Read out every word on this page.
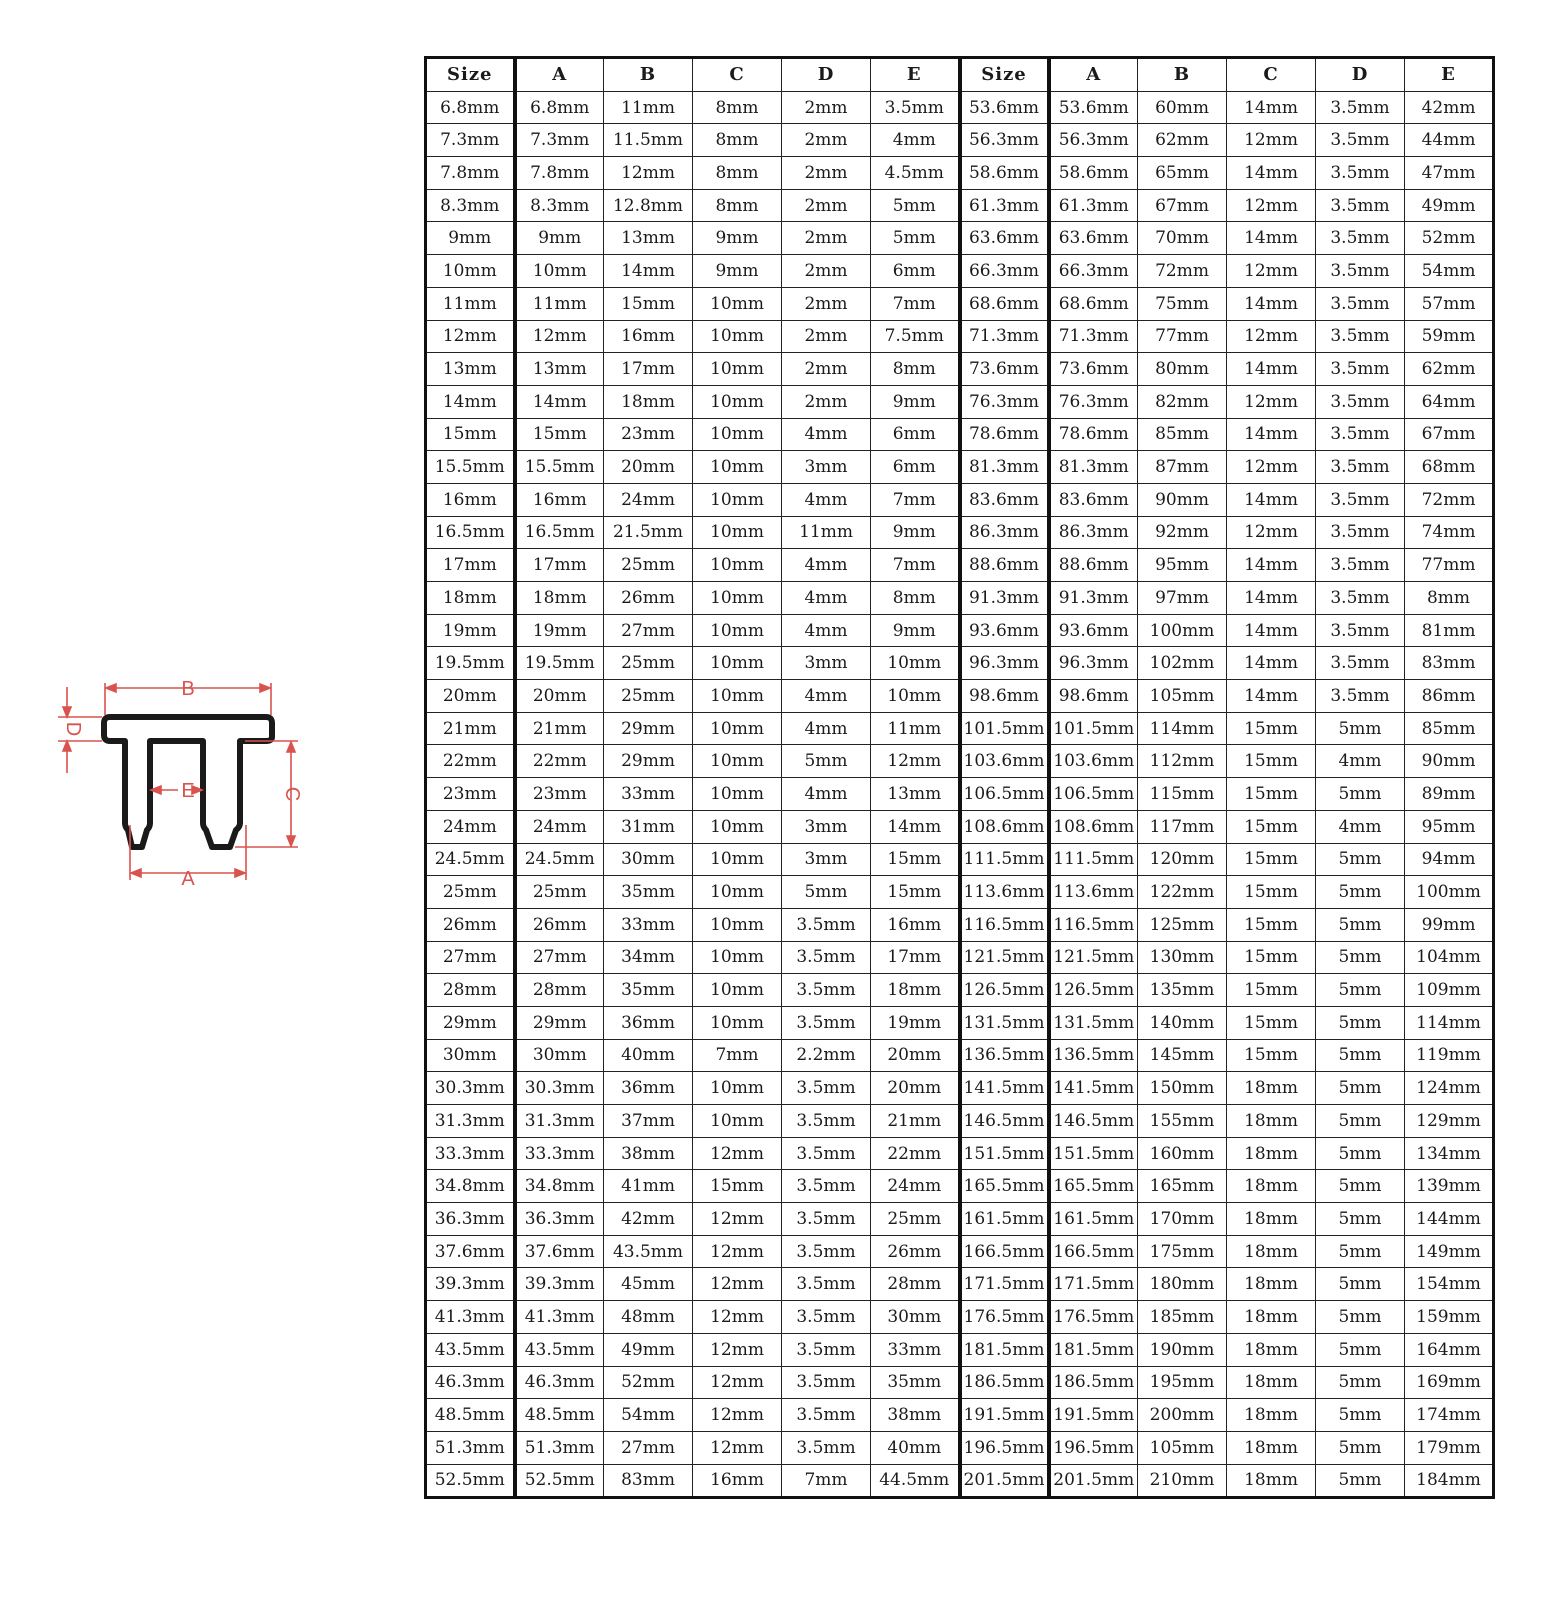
B
D
C
E
A
Size	A	B	C	D	E	Size	A	B	C	D	E
6.8mm	6.8mm	11mm	8mm	2mm	3.5mm	53.6mm	53.6mm	60mm	14mm	3.5mm	42mm
7.3mm	7.3mm	11.5mm	8mm	2mm	4mm	56.3mm	56.3mm	62mm	12mm	3.5mm	44mm
7.8mm	7.8mm	12mm	8mm	2mm	4.5mm	58.6mm	58.6mm	65mm	14mm	3.5mm	47mm
8.3mm	8.3mm	12.8mm	8mm	2mm	5mm	61.3mm	61.3mm	67mm	12mm	3.5mm	49mm
9mm	9mm	13mm	9mm	2mm	5mm	63.6mm	63.6mm	70mm	14mm	3.5mm	52mm
10mm	10mm	14mm	9mm	2mm	6mm	66.3mm	66.3mm	72mm	12mm	3.5mm	54mm
11mm	11mm	15mm	10mm	2mm	7mm	68.6mm	68.6mm	75mm	14mm	3.5mm	57mm
12mm	12mm	16mm	10mm	2mm	7.5mm	71.3mm	71.3mm	77mm	12mm	3.5mm	59mm
13mm	13mm	17mm	10mm	2mm	8mm	73.6mm	73.6mm	80mm	14mm	3.5mm	62mm
14mm	14mm	18mm	10mm	2mm	9mm	76.3mm	76.3mm	82mm	12mm	3.5mm	64mm
15mm	15mm	23mm	10mm	4mm	6mm	78.6mm	78.6mm	85mm	14mm	3.5mm	67mm
15.5mm	15.5mm	20mm	10mm	3mm	6mm	81.3mm	81.3mm	87mm	12mm	3.5mm	68mm
16mm	16mm	24mm	10mm	4mm	7mm	83.6mm	83.6mm	90mm	14mm	3.5mm	72mm
16.5mm	16.5mm	21.5mm	10mm	11mm	9mm	86.3mm	86.3mm	92mm	12mm	3.5mm	74mm
17mm	17mm	25mm	10mm	4mm	7mm	88.6mm	88.6mm	95mm	14mm	3.5mm	77mm
18mm	18mm	26mm	10mm	4mm	8mm	91.3mm	91.3mm	97mm	14mm	3.5mm	8mm
19mm	19mm	27mm	10mm	4mm	9mm	93.6mm	93.6mm	100mm	14mm	3.5mm	81mm
19.5mm	19.5mm	25mm	10mm	3mm	10mm	96.3mm	96.3mm	102mm	14mm	3.5mm	83mm
20mm	20mm	25mm	10mm	4mm	10mm	98.6mm	98.6mm	105mm	14mm	3.5mm	86mm
21mm	21mm	29mm	10mm	4mm	11mm	101.5mm	101.5mm	114mm	15mm	5mm	85mm
22mm	22mm	29mm	10mm	5mm	12mm	103.6mm	103.6mm	112mm	15mm	4mm	90mm
23mm	23mm	33mm	10mm	4mm	13mm	106.5mm	106.5mm	115mm	15mm	5mm	89mm
24mm	24mm	31mm	10mm	3mm	14mm	108.6mm	108.6mm	117mm	15mm	4mm	95mm
24.5mm	24.5mm	30mm	10mm	3mm	15mm	111.5mm	111.5mm	120mm	15mm	5mm	94mm
25mm	25mm	35mm	10mm	5mm	15mm	113.6mm	113.6mm	122mm	15mm	5mm	100mm
26mm	26mm	33mm	10mm	3.5mm	16mm	116.5mm	116.5mm	125mm	15mm	5mm	99mm
27mm	27mm	34mm	10mm	3.5mm	17mm	121.5mm	121.5mm	130mm	15mm	5mm	104mm
28mm	28mm	35mm	10mm	3.5mm	18mm	126.5mm	126.5mm	135mm	15mm	5mm	109mm
29mm	29mm	36mm	10mm	3.5mm	19mm	131.5mm	131.5mm	140mm	15mm	5mm	114mm
30mm	30mm	40mm	7mm	2.2mm	20mm	136.5mm	136.5mm	145mm	15mm	5mm	119mm
30.3mm	30.3mm	36mm	10mm	3.5mm	20mm	141.5mm	141.5mm	150mm	18mm	5mm	124mm
31.3mm	31.3mm	37mm	10mm	3.5mm	21mm	146.5mm	146.5mm	155mm	18mm	5mm	129mm
33.3mm	33.3mm	38mm	12mm	3.5mm	22mm	151.5mm	151.5mm	160mm	18mm	5mm	134mm
34.8mm	34.8mm	41mm	15mm	3.5mm	24mm	165.5mm	165.5mm	165mm	18mm	5mm	139mm
36.3mm	36.3mm	42mm	12mm	3.5mm	25mm	161.5mm	161.5mm	170mm	18mm	5mm	144mm
37.6mm	37.6mm	43.5mm	12mm	3.5mm	26mm	166.5mm	166.5mm	175mm	18mm	5mm	149mm
39.3mm	39.3mm	45mm	12mm	3.5mm	28mm	171.5mm	171.5mm	180mm	18mm	5mm	154mm
41.3mm	41.3mm	48mm	12mm	3.5mm	30mm	176.5mm	176.5mm	185mm	18mm	5mm	159mm
43.5mm	43.5mm	49mm	12mm	3.5mm	33mm	181.5mm	181.5mm	190mm	18mm	5mm	164mm
46.3mm	46.3mm	52mm	12mm	3.5mm	35mm	186.5mm	186.5mm	195mm	18mm	5mm	169mm
48.5mm	48.5mm	54mm	12mm	3.5mm	38mm	191.5mm	191.5mm	200mm	18mm	5mm	174mm
51.3mm	51.3mm	27mm	12mm	3.5mm	40mm	196.5mm	196.5mm	105mm	18mm	5mm	179mm
52.5mm	52.5mm	83mm	16mm	7mm	44.5mm	201.5mm	201.5mm	210mm	18mm	5mm	184mm
